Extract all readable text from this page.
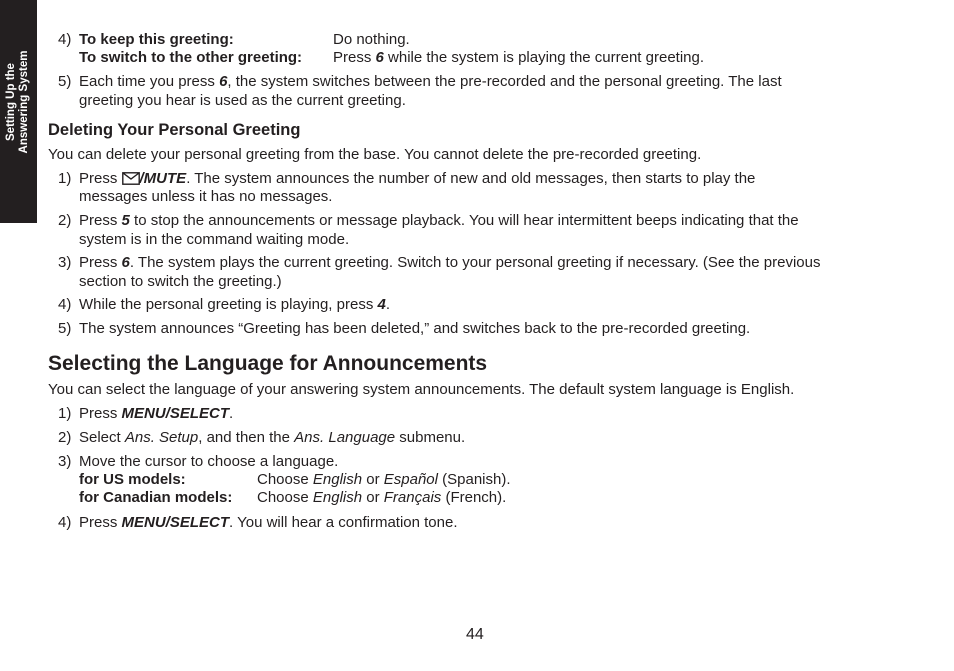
Setting Up the Answering System
4) To keep this greeting:	Do nothing.
To switch to the other greeting: Press 6 while the system is playing the current greeting.
5) Each time you press 6, the system switches between the pre-recorded and the personal greeting. The last
greeting you hear is used as the current greeting.
Deleting Your Personal Greeting
You can delete your personal greeting from the base. You cannot delete the pre-recorded greeting.
1) Press /MUTE. The system announces the number of new and old messages, then starts to play the
messages unless it has no messages.
2) Press 5 to stop the announcements or message playback. You will hear intermittent beeps indicating that the
system is in the command waiting mode.
3) Press 6. The system plays the current greeting. Switch to your personal greeting if necessary. (See the previous
section to switch the greeting.)
4) While the personal greeting is playing, press 4.
5) The system announces “Greeting has been deleted,” and switches back to the pre-recorded greeting.
Selecting the Language for Announcements
You can select the language of your answering system announcements. The default system language is English.
1) Press MENU/SELECT.
2) Select Ans. Setup, and then the Ans. Language submenu.
3) Move the cursor to choose a language.
for US models:	Choose English or Español (Spanish).
for Canadian models: Choose English or Français (French).
4) Press MENU/SELECT. You will hear a confirmation tone.
44
